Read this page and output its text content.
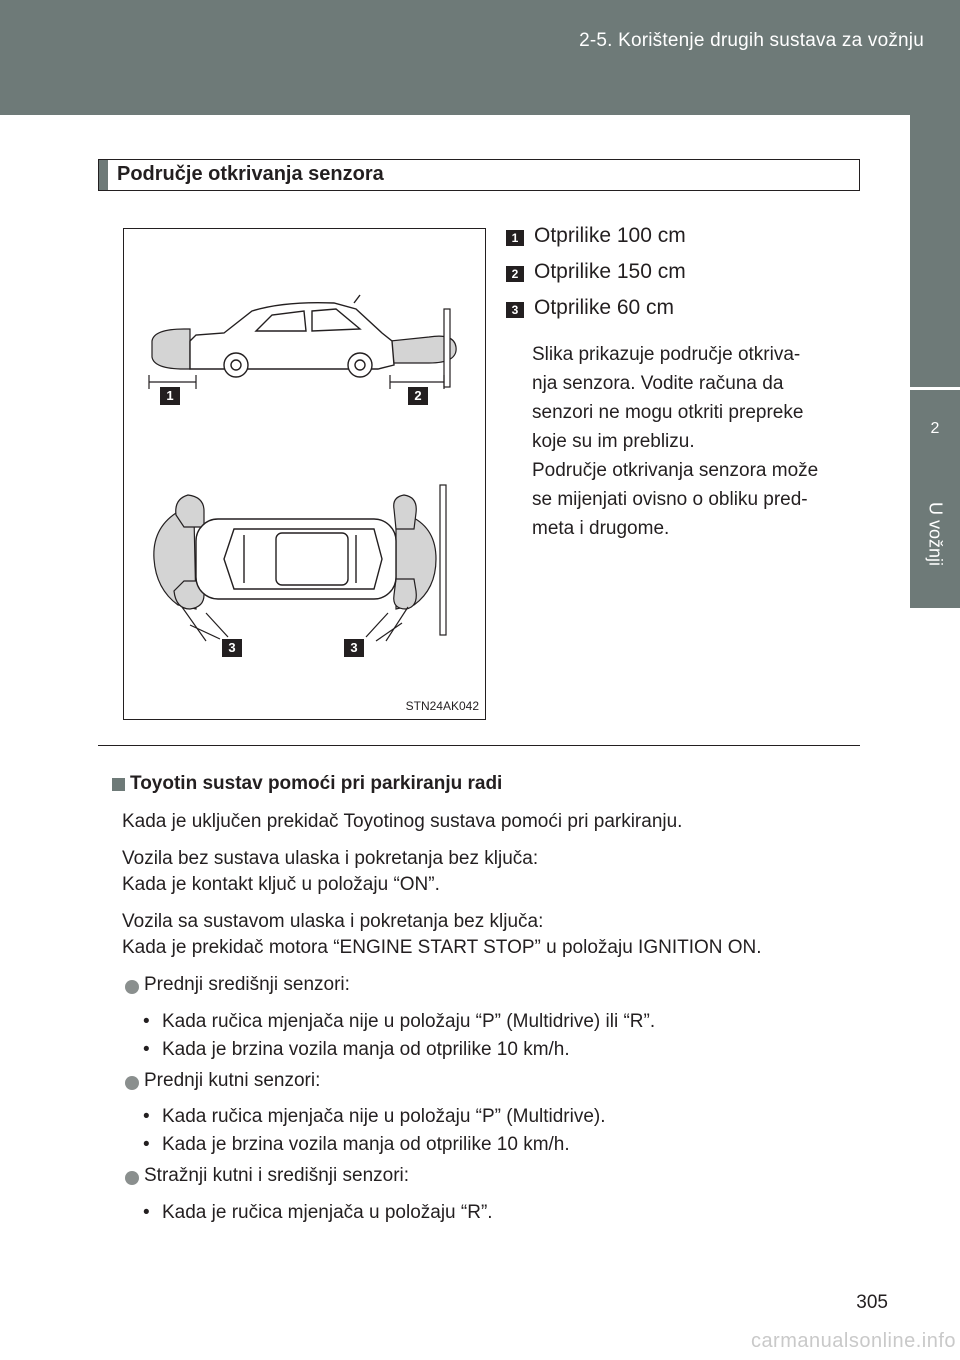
2-5. Korištenje drugih sustava za vožnju
2
U vožnji
Područje otkrivanja senzora
1	2
3	3
STN24AK042
1 Otprilike 100 cm
2 Otprilike 150 cm
3 Otprilike 60 cm
Slika prikazuje područje otkriva-
nja senzora. Vodite računa da
senzori ne mogu otkriti prepreke
koje su im preblizu.
Područje otkrivanja senzora može
se mijenjati ovisno o obliku pred-
meta i drugome.
Toyotin sustav pomoći pri parkiranju radi
Kada je uključen prekidač Toyotinog sustava pomoći pri parkiranju.
Vozila bez sustava ulaska i pokretanja bez ključa:
Kada je kontakt ključ u položaju “ON”.
Vozila sa sustavom ulaska i pokretanja bez ključa:
Kada je prekidač motora “ENGINE START STOP” u položaju IGNITION ON.
Prednji središnji senzori:
• Kada ručica mjenjača nije u položaju “P” (Multidrive) ili “R”.
• Kada je brzina vozila manja od otprilike 10 km/h.
Prednji kutni senzori:
• Kada ručica mjenjača nije u položaju “P” (Multidrive).
• Kada je brzina vozila manja od otprilike 10 km/h.
Stražnji kutni i središnji senzori:
• Kada je ručica mjenjača u položaju “R”.
305
carmanualsonline.info
